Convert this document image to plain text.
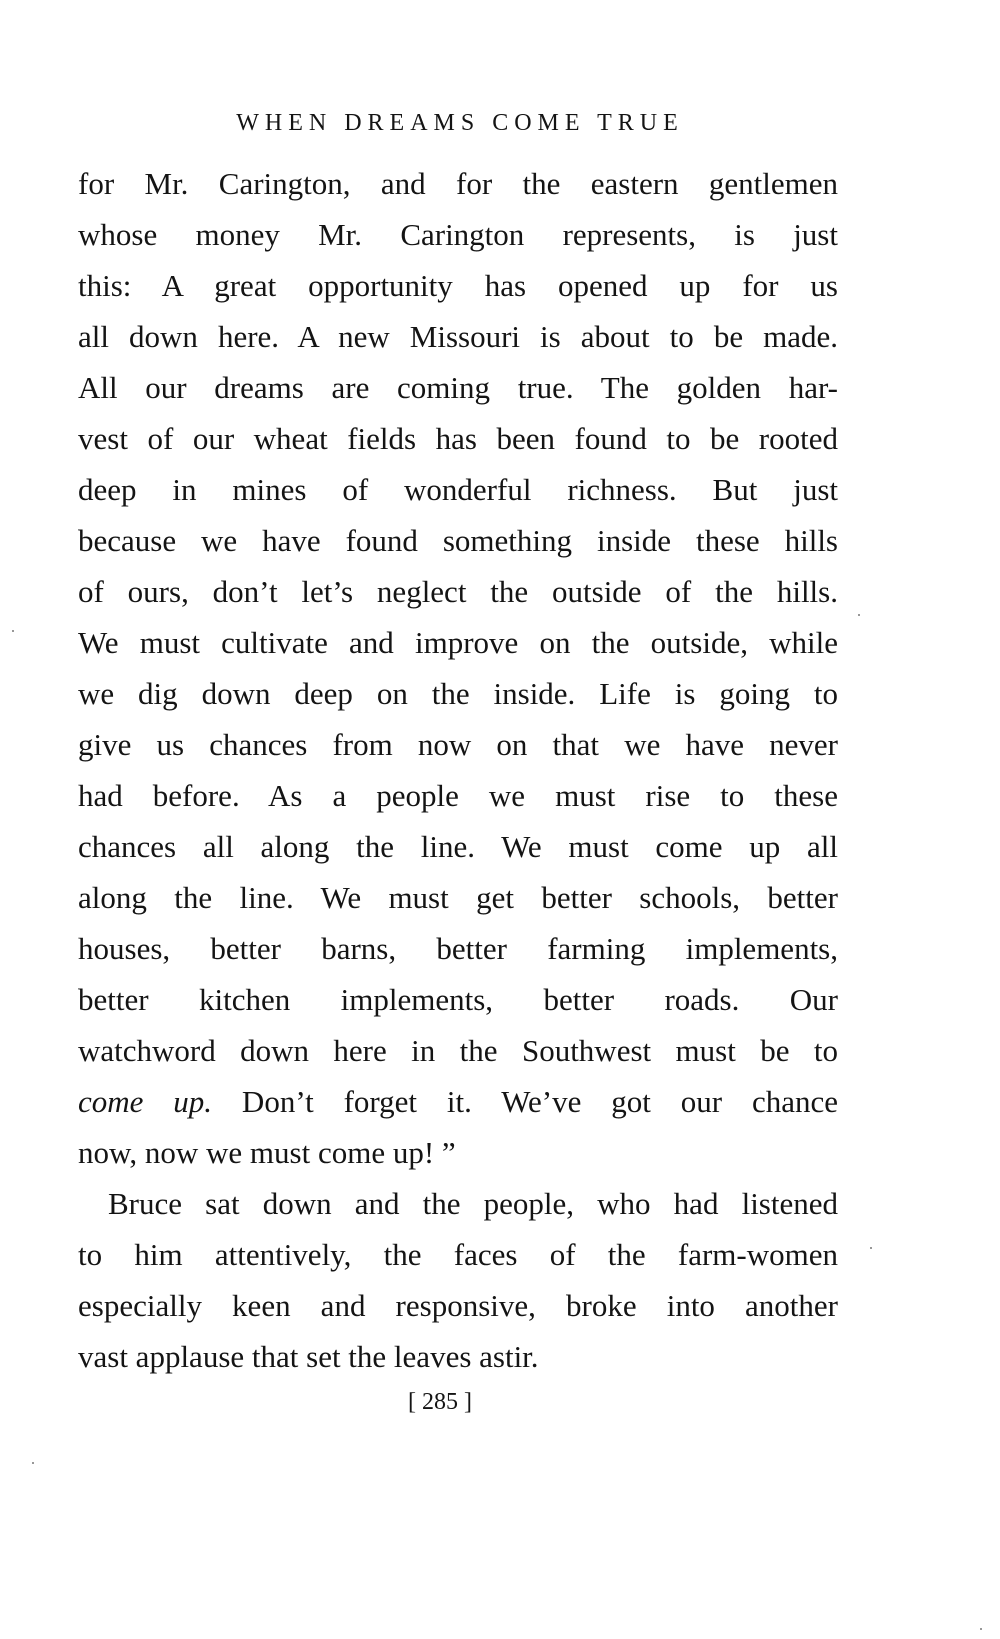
WHEN DREAMS COME TRUE
for Mr. Carington, and for the eastern gentlemen
whose money Mr. Carington represents, is just
this: A great opportunity has opened up for us
all down here. A new Missouri is about to be made.
All our dreams are coming true. The golden har-
vest of our wheat fields has been found to be rooted
deep in mines of wonderful richness. But just
because we have found something inside these hills
of ours, don’t let’s neglect the outside of the hills.
We must cultivate and improve on the outside, while
we dig down deep on the inside. Life is going to
give us chances from now on that we have never
had before. As a people we must rise to these
chances all along the line. We must come up all
along the line. We must get better schools, better
houses, better barns, better farming implements,
better kitchen implements, better roads. Our
watchword down here in the Southwest must be to
come up. Don’t forget it. We’ve got our chance
now, now we must come up! ”
Bruce sat down and the people, who had listened
to him attentively, the faces of the farm-women
especially keen and responsive, broke into another
vast applause that set the leaves astir.
[ 285 ]
